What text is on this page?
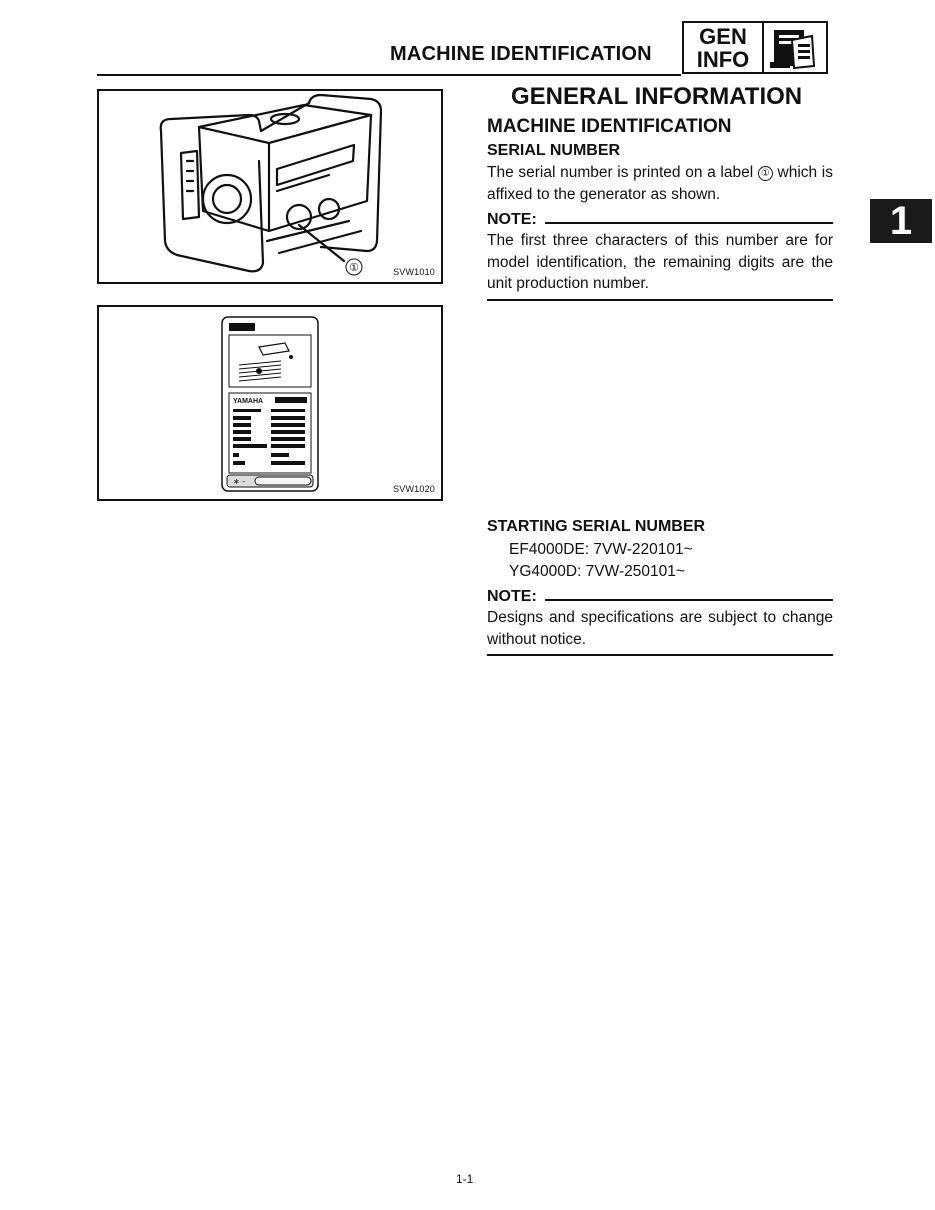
MACHINE IDENTIFICATION
GEN
INFO
1
①	SVW1010
YAMAHA
∗ -
SVW1020
GENERAL INFORMATION
MACHINE IDENTIFICATION
SERIAL NUMBER
The serial number is printed on a label ① which is affixed to the generator as shown.
NOTE:
The first three characters of this number are for model identification, the remaining digits are the unit production number.
STARTING SERIAL NUMBER
EF4000DE: 7VW-220101~
YG4000D: 7VW-250101~
NOTE:
Designs and specifications are subject to change without notice.
1-1
